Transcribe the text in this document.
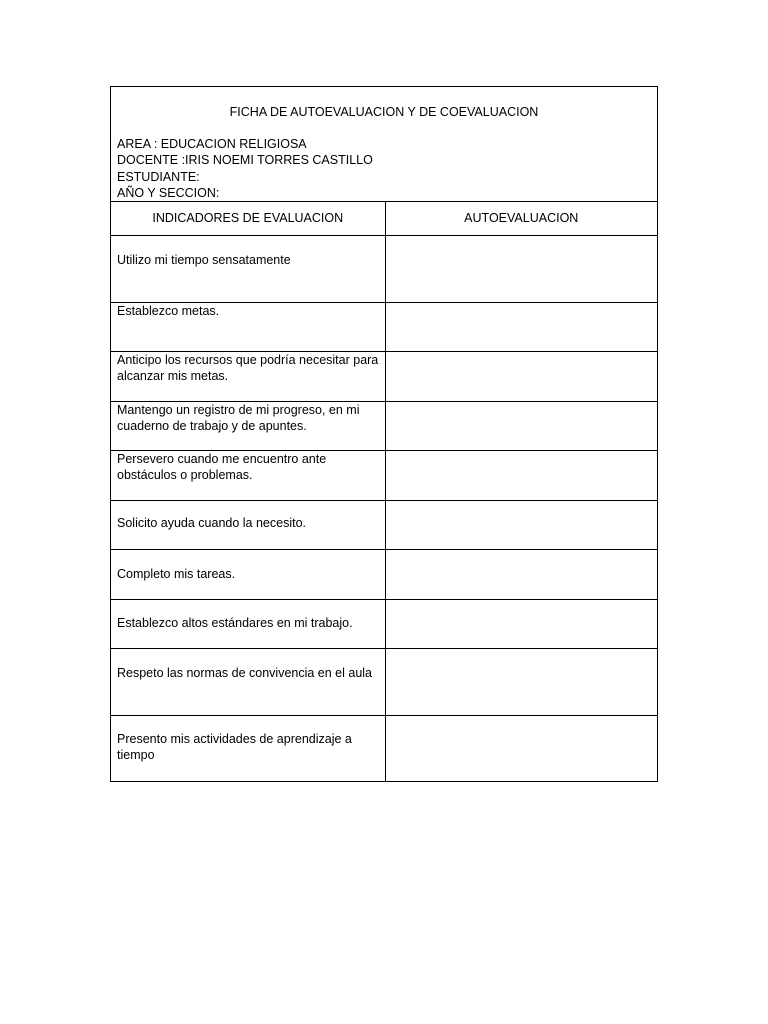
FICHA DE AUTOEVALUACION Y DE COEVALUACION
AREA : EDUCACION RELIGIOSA
DOCENTE :IRIS NOEMI TORRES CASTILLO
ESTUDIANTE:
AÑO Y SECCION:
INDICADORES DE EVALUACION	AUTOEVALUACION

Utilizo mi tiempo sensatamente	

Establezco metas.	

Anticipo los recursos que podría necesitar para alcanzar mis metas.	

Mantengo un registro de mi progreso, en mi cuaderno de trabajo y de apuntes.	

Persevero cuando me encuentro ante obstáculos o problemas.	

Solicito ayuda cuando la necesito.	

Completo mis tareas.	

Establezco altos estándares en mi trabajo.	

Respeto las normas de convivencia en el aula	

Presento mis actividades de aprendizaje a tiempo	
